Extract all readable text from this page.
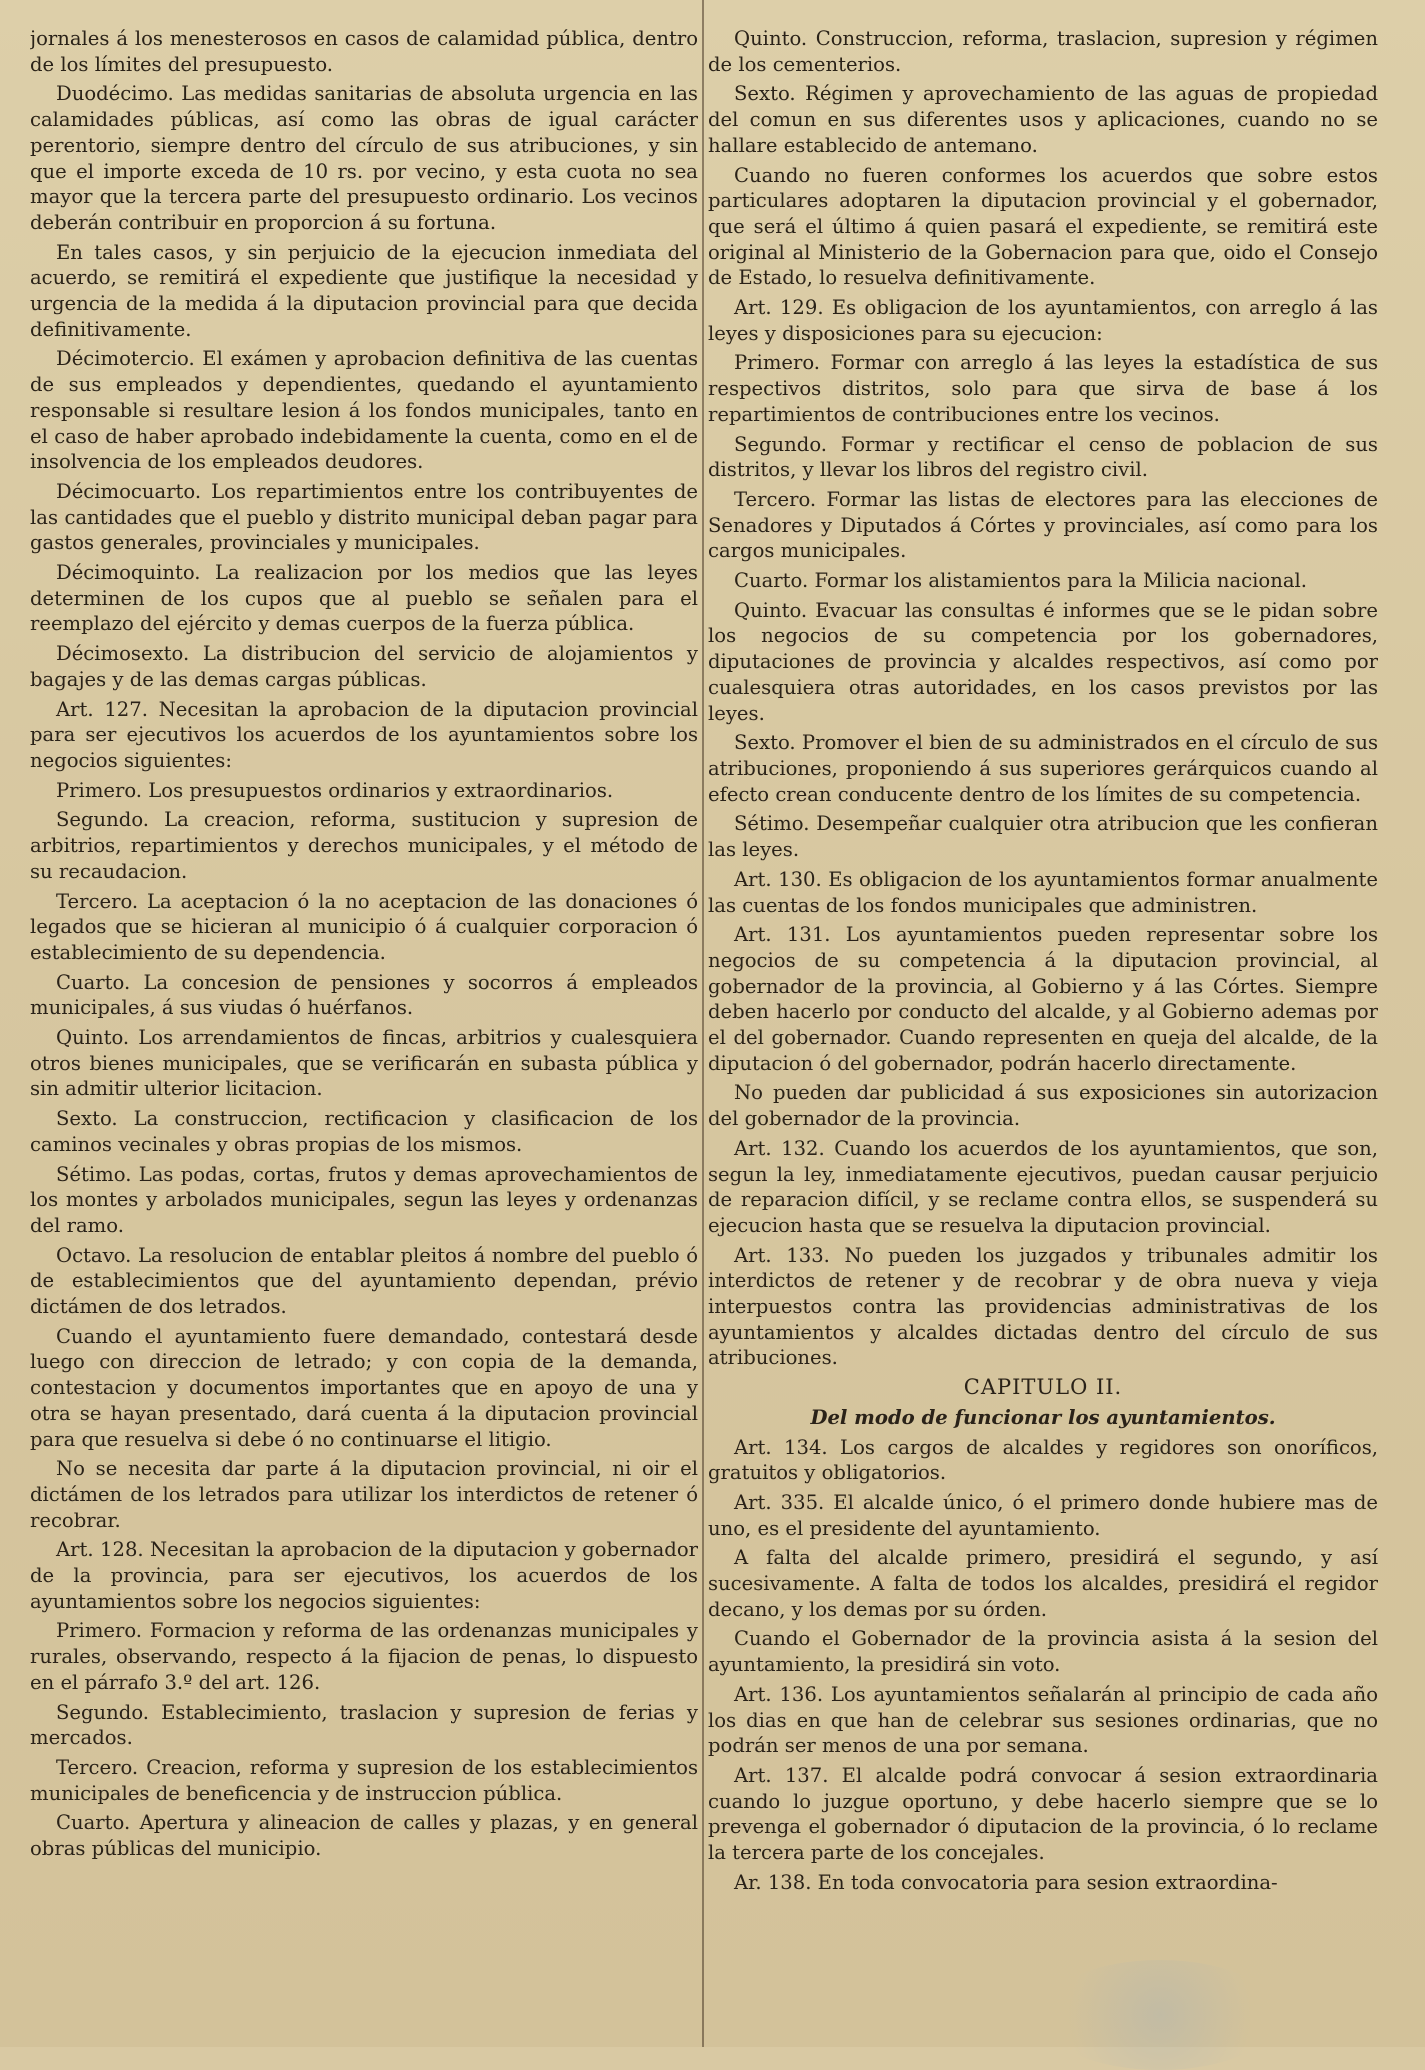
jornales á los menesterosos en casos de calamidad pública, dentro de los límites del presupuesto.

Duodécimo. Las medidas sanitarias de absoluta urgencia en las calamidades públicas, así como las obras de igual carácter perentorio, siempre dentro del círculo de sus atribuciones, y sin que el importe exceda de 10 rs. por vecino, y esta cuota no sea mayor que la tercera parte del presupuesto ordinario. Los vecinos deberán contribuir en proporcion á su fortuna.

En tales casos, y sin perjuicio de la ejecucion inmediata del acuerdo, se remitirá el expediente que justifique la necesidad y urgencia de la medida á la diputacion provincial para que decida definitivamente.

Décimotercio. El exámen y aprobacion definitiva de las cuentas de sus empleados y dependientes, quedando el ayuntamiento responsable si resultare lesion á los fondos municipales, tanto en el caso de haber aprobado indebidamente la cuenta, como en el de insolvencia de los empleados deudores.

Décimocuarto. Los repartimientos entre los contribuyentes de las cantidades que el pueblo y distrito municipal deban pagar para gastos generales, provinciales y municipales.

Décimoquinto. La realizacion por los medios que las leyes determinen de los cupos que al pueblo se señalen para el reemplazo del ejército y demas cuerpos de la fuerza pública.

Décimosexto. La distribucion del servicio de alojamientos y bagajes y de las demas cargas públicas.

Art. 127. Necesitan la aprobacion de la diputacion provincial para ser ejecutivos los acuerdos de los ayuntamientos sobre los negocios siguientes:

Primero. Los presupuestos ordinarios y extraordinarios.

Segundo. La creacion, reforma, sustitucion y supresion de arbitrios, repartimientos y derechos municipales, y el método de su recaudacion.

Tercero. La aceptacion ó la no aceptacion de las donaciones ó legados que se hicieran al municipio ó á cualquier corporacion ó establecimiento de su dependencia.

Cuarto. La concesion de pensiones y socorros á empleados municipales, á sus viudas ó huérfanos.

Quinto. Los arrendamientos de fincas, arbitrios y cualesquiera otros bienes municipales, que se verificarán en subasta pública y sin admitir ulterior licitacion.

Sexto. La construccion, rectificacion y clasificacion de los caminos vecinales y obras propias de los mismos.

Sétimo. Las podas, cortas, frutos y demas aprovechamientos de los montes y arbolados municipales, segun las leyes y ordenanzas del ramo.

Octavo. La resolucion de entablar pleitos á nombre del pueblo ó de establecimientos que del ayuntamiento dependan, prévio dictámen de dos letrados.

Cuando el ayuntamiento fuere demandado, contestará desde luego con direccion de letrado; y con copia de la demanda, contestacion y documentos importantes que en apoyo de una y otra se hayan presentado, dará cuenta á la diputacion provincial para que resuelva si debe ó no continuarse el litigio.

No se necesita dar parte á la diputacion provincial, ni oir el dictámen de los letrados para utilizar los interdictos de retener ó recobrar.

Art. 128. Necesitan la aprobacion de la diputacion y gobernador de la provincia, para ser ejecutivos, los acuerdos de los ayuntamientos sobre los negocios siguientes:

Primero. Formacion y reforma de las ordenanzas municipales y rurales, observando, respecto á la fijacion de penas, lo dispuesto en el párrafo 3.º del art. 126.

Segundo. Establecimiento, traslacion y supresion de ferias y mercados.

Tercero. Creacion, reforma y supresion de los establecimientos municipales de beneficencia y de instruccion pública.

Cuarto. Apertura y alineacion de calles y plazas, y en general obras públicas del municipio.

Quinto. Construccion, reforma, traslacion, supresion y régimen de los cementerios.

Sexto. Régimen y aprovechamiento de las aguas de propiedad del comun en sus diferentes usos y aplicaciones, cuando no se hallare establecido de antemano.

Cuando no fueren conformes los acuerdos que sobre estos particulares adoptaren la diputacion provincial y el gobernador, que será el último á quien pasará el expediente, se remitirá este original al Ministerio de la Gobernacion para que, oido el Consejo de Estado, lo resuelva definitivamente.

Art. 129. Es obligacion de los ayuntamientos, con arreglo á las leyes y disposiciones para su ejecucion:

Primero. Formar con arreglo á las leyes la estadística de sus respectivos distritos, solo para que sirva de base á los repartimientos de contribuciones entre los vecinos.

Segundo. Formar y rectificar el censo de poblacion de sus distritos, y llevar los libros del registro civil.

Tercero. Formar las listas de electores para las elecciones de Senadores y Diputados á Córtes y provinciales, así como para los cargos municipales.

Cuarto. Formar los alistamientos para la Milicia nacional.

Quinto. Evacuar las consultas é informes que se le pidan sobre los negocios de su competencia por los gobernadores, diputaciones de provincia y alcaldes respectivos, así como por cualesquiera otras autoridades, en los casos previstos por las leyes.

Sexto. Promover el bien de su administrados en el círculo de sus atribuciones, proponiendo á sus superiores gerárquicos cuando al efecto crean conducente dentro de los límites de su competencia.

Sétimo. Desempeñar cualquier otra atribucion que les confieran las leyes.

Art. 130. Es obligacion de los ayuntamientos formar anualmente las cuentas de los fondos municipales que administren.

Art. 131. Los ayuntamientos pueden representar sobre los negocios de su competencia á la diputacion provincial, al gobernador de la provincia, al Gobierno y á las Córtes. Siempre deben hacerlo por conducto del alcalde, y al Gobierno ademas por el del gobernador. Cuando representen en queja del alcalde, de la diputacion ó del gobernador, podrán hacerlo directamente.

No pueden dar publicidad á sus exposiciones sin autorizacion del gobernador de la provincia.

Art. 132. Cuando los acuerdos de los ayuntamientos, que son, segun la ley, inmediatamente ejecutivos, puedan causar perjuicio de reparacion difícil, y se reclame contra ellos, se suspenderá su ejecucion hasta que se resuelva la diputacion provincial.

Art. 133. No pueden los juzgados y tribunales admitir los interdictos de retener y de recobrar y de obra nueva y vieja interpuestos contra las providencias administrativas de los ayuntamientos y alcaldes dictadas dentro del círculo de sus atribuciones.

CAPITULO II.

Del modo de funcionar los ayuntamientos.

Art. 134. Los cargos de alcaldes y regidores son onoríficos, gratuitos y obligatorios.

Art. 335. El alcalde único, ó el primero donde hubiere mas de uno, es el presidente del ayuntamiento.

A falta del alcalde primero, presidirá el segundo, y así sucesivamente. A falta de todos los alcaldes, presidirá el regidor decano, y los demas por su órden.

Cuando el Gobernador de la provincia asista á la sesion del ayuntamiento, la presidirá sin voto.

Art. 136. Los ayuntamientos señalarán al principio de cada año los dias en que han de celebrar sus sesiones ordinarias, que no podrán ser menos de una por semana.

Art. 137. El alcalde podrá convocar á sesion extraordinaria cuando lo juzgue oportuno, y debe hacerlo siempre que se lo prevenga el gobernador ó diputacion de la provincia, ó lo reclame la tercera parte de los concejales.

Ar. 138. En toda convocatoria para sesion extraordina-
